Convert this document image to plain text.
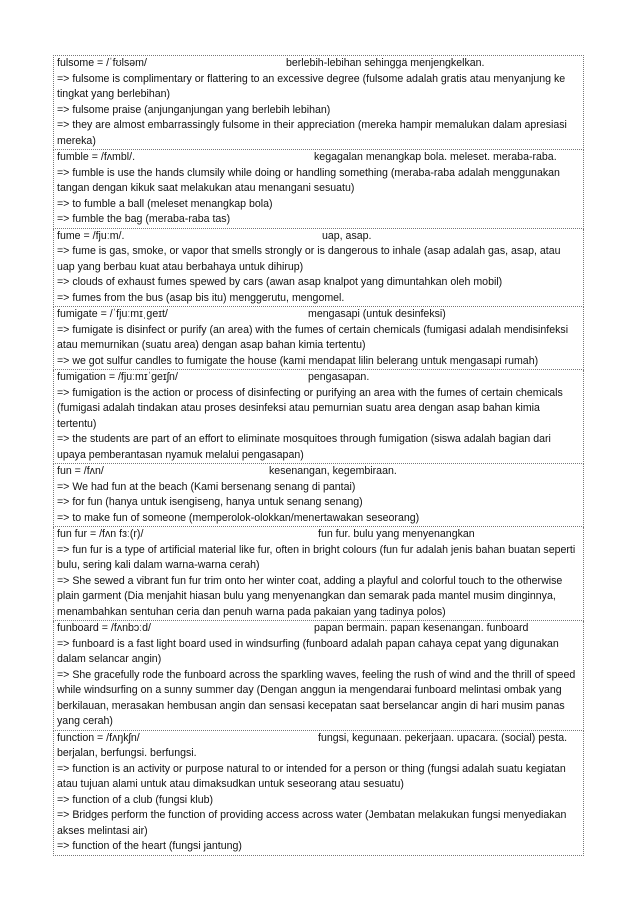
fulsome = /ˈfʊlsəm/	berlebih-lebihan sehingga menjengkelkan.

=> fulsome is complimentary or flattering to an excessive degree (fulsome adalah gratis atau menyanjung ke tingkat yang berlebihan)

=> fulsome praise (anjunganjungan yang berlebih lebihan)

=> they are almost embarrassingly fulsome in their appreciation (mereka hampir memalukan dalam apresiasi mereka)

fumble = /fʌmbl/.	kegagalan menangkap bola. meleset. meraba-raba.

=> fumble is use the hands clumsily while doing or handling something (meraba-raba adalah menggunakan tangan dengan kikuk saat melakukan atau menangani sesuatu)

=> to fumble a ball (meleset menangkap bola)

=> fumble the bag (meraba-raba tas)

fume = /fjuːm/.	uap, asap.

=> fume is gas, smoke, or vapor that smells strongly or is dangerous to inhale (asap adalah gas, asap, atau uap yang berbau kuat atau berbahaya untuk dihirup)

=> clouds of exhaust fumes spewed by cars (awan asap knalpot yang dimuntahkan oleh mobil)

=> fumes from the bus (asap bis itu) menggerutu, mengomel.

fumigate = /ˈfjuːmɪˌɡeɪt/	mengasapi (untuk desinfeksi)

=> fumigate is disinfect or purify (an area) with the fumes of certain chemicals (fumigasi adalah mendisinfeksi atau memurnikan (suatu area) dengan asap bahan kimia tertentu)

=> we got sulfur candles to fumigate the house (kami mendapat lilin belerang untuk mengasapi rumah)

fumigation = /fjuːmɪˈɡeɪʃn/	pengasapan.

=> fumigation is the action or process of disinfecting or purifying an area with the fumes of certain chemicals (fumigasi adalah tindakan atau proses desinfeksi atau pemurnian suatu area dengan asap bahan kimia tertentu)

=> the students are part of an effort to eliminate mosquitoes through fumigation (siswa adalah bagian dari upaya pemberantasan nyamuk melalui pengasapan)

fun = /fʌn/	kesenangan, kegembiraan.

=> We had fun at the beach (Kami bersenang senang di pantai)

=> for fun (hanya untuk isengiseng, hanya untuk senang senang)

=> to make fun of someone (memperolok-olokkan/menertawakan seseorang)

fun fur = /fʌn fɜː(r)/	fun fur. bulu yang menyenangkan

=> fun fur is a type of artificial material like fur, often in bright colours (fun fur adalah jenis bahan buatan seperti bulu, sering kali dalam warna-warna cerah)

=> She sewed a vibrant fun fur trim onto her winter coat, adding a playful and colorful touch to the otherwise plain garment (Dia menjahit hiasan bulu yang menyenangkan dan semarak pada mantel musim dinginnya, menambahkan sentuhan ceria dan penuh warna pada pakaian yang tadinya polos)

funboard = /fʌnbɔːd/	papan bermain. papan kesenangan. funboard

=> funboard is a fast light board used in windsurfing (funboard adalah papan cahaya cepat yang digunakan dalam selancar angin)

=> She gracefully rode the funboard across the sparkling waves, feeling the rush of wind and the thrill of speed while windsurfing on a sunny summer day (Dengan anggun ia mengendarai funboard melintasi ombak yang berkilauan, merasakan hembusan angin dan sensasi kecepatan saat berselancar angin di hari musim panas yang cerah)

function = /fʌŋkʃn/	fungsi, kegunaan. pekerjaan. upacara. (social) pesta.

berjalan, berfungsi. berfungsi.

=> function is an activity or purpose natural to or intended for a person or thing (fungsi adalah suatu kegiatan atau tujuan alami untuk atau dimaksudkan untuk seseorang atau sesuatu)

=> function of a club (fungsi klub)

=> Bridges perform the function of providing access across water (Jembatan melakukan fungsi menyediakan akses melintasi air)

=> function of the heart (fungsi jantung)
